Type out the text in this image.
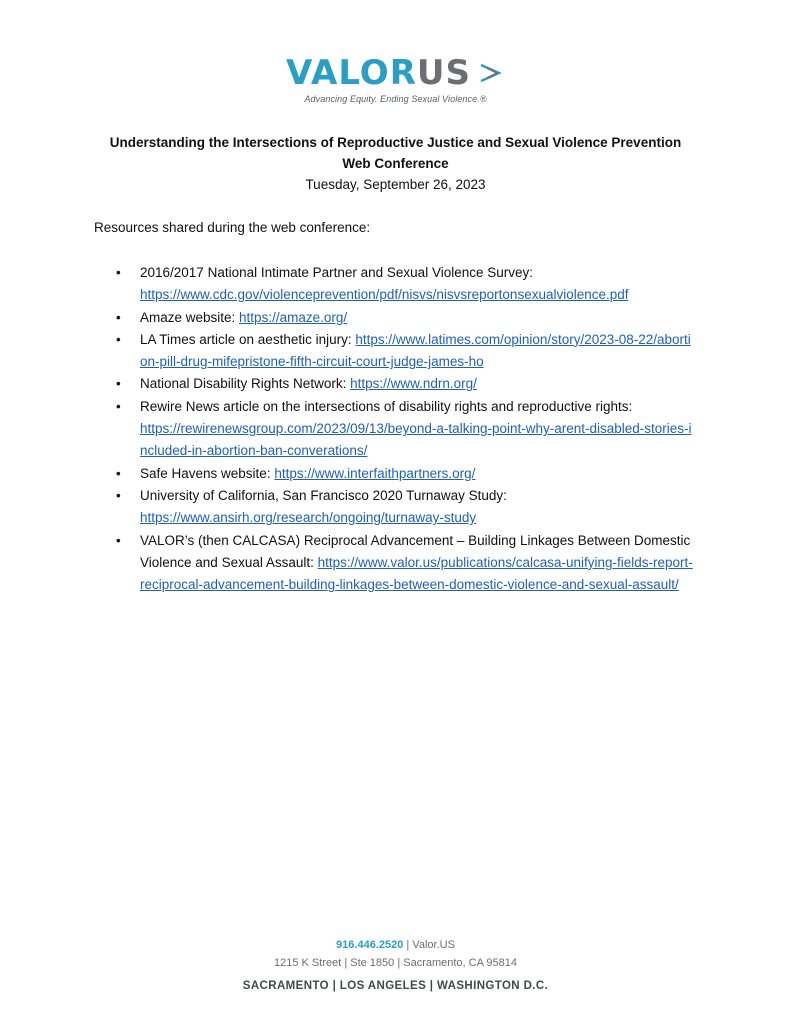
VALORUS
Advancing Equity. Ending Sexual Violence.®
Understanding the Intersections of Reproductive Justice and Sexual Violence Prevention
Web Conference
Tuesday, September 26, 2023
Resources shared during the web conference:
• 2016/2017 National Intimate Partner and Sexual Violence Survey:
https://www.cdc.gov/violenceprevention/pdf/nisvs/nisvsreportonsexualviolence.pdf
• Amaze website: https://amaze.org/
• LA Times article on aesthetic injury: https://www.latimes.com/opinion/story/2023-08-22/abortion-pill-drug-mifepristone-fifth-circuit-court-judge-james-ho
• National Disability Rights Network: https://www.ndrn.org/
• Rewire News article on the intersections of disability rights and reproductive rights:
https://rewirenewsgroup.com/2023/09/13/beyond-a-talking-point-why-arent-disabled-stories-included-in-abortion-ban-converations/
• Safe Havens website: https://www.interfaithpartners.org/
• University of California, San Francisco 2020 Turnaway Study:
https://www.ansirh.org/research/ongoing/turnaway-study
• VALOR’s (then CALCASA) Reciprocal Advancement – Building Linkages Between Domestic Violence and Sexual Assault: https://www.valor.us/publications/calcasa-unifying-fields-report-reciprocal-advancement-building-linkages-between-domestic-violence-and-sexual-assault/
916.446.2520 | Valor.US
1215 K Street | Ste 1850 | Sacramento, CA 95814
SACRAMENTO | LOS ANGELES | WASHINGTON D.C.
